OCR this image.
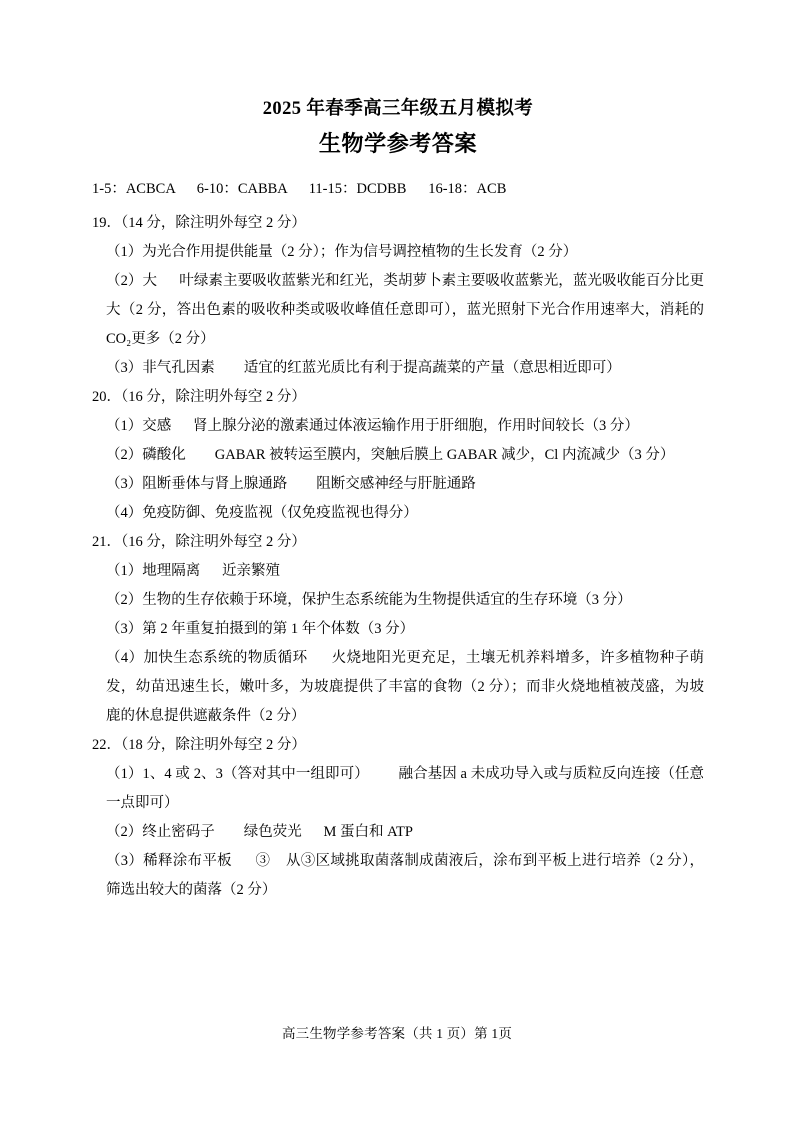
2025 年春季高三年级五月模拟考
生物学参考答案
1-5：ACBCA      6-10：CABBA      11-15：DCDBB      16-18：ACB
19．（14 分，除注明外每空 2 分）
（1）为光合作用提供能量（2 分）；作为信号调控植物的生长发育（2 分）
（2）大      叶绿素主要吸收蓝紫光和红光，类胡萝卜素主要吸收蓝紫光，蓝光吸收能百分比更大（2 分，答出色素的吸收种类或吸收峰值任意即可），蓝光照射下光合作用速率大，消耗的 CO₂更多（2 分）
（3）非气孔因素        适宜的红蓝光质比有利于提高蔬菜的产量（意思相近即可）
20．（16 分，除注明外每空 2 分）
（1）交感      肾上腺分泌的激素通过体液运输作用于肝细胞，作用时间较长（3 分）
（2）磷酸化        GABAR 被转运至膜内，突触后膜上 GABAR 减少，Cl 内流减少（3 分）
（3）阻断垂体与肾上腺通路        阻断交感神经与肝脏通路
（4）免疫防御、免疫监视（仅免疫监视也得分）
21．（16 分，除注明外每空 2 分）
（1）地理隔离      近亲繁殖
（2）生物的生存依赖于环境，保护生态系统能为生物提供适宜的生存环境（3 分）
（3）第 2 年重复拍摄到的第 1 年个体数（3 分）
（4）加快生态系统的物质循环      火烧地阳光更充足，土壤无机养料增多，许多植物种子萌发，幼苗迅速生长，嫩叶多，为坡鹿提供了丰富的食物（2 分）；而非火烧地植被茂盛，为坡鹿的休息提供遮蔽条件（2 分）
22．（18 分，除注明外每空 2 分）
（1）1、4 或 2、3（答对其中一组即可）        融合基因 a 未成功导入或与质粒反向连接（任意一点即可）
（2）终止密码子        绿色荧光      M 蛋白和 ATP
（3）稀释涂布平板      ③    从③区域挑取菌落制成菌液后，涂布到平板上进行培养（2 分），筛选出较大的菌落（2 分）
高三生物学参考答案（共 1 页）第 1页
